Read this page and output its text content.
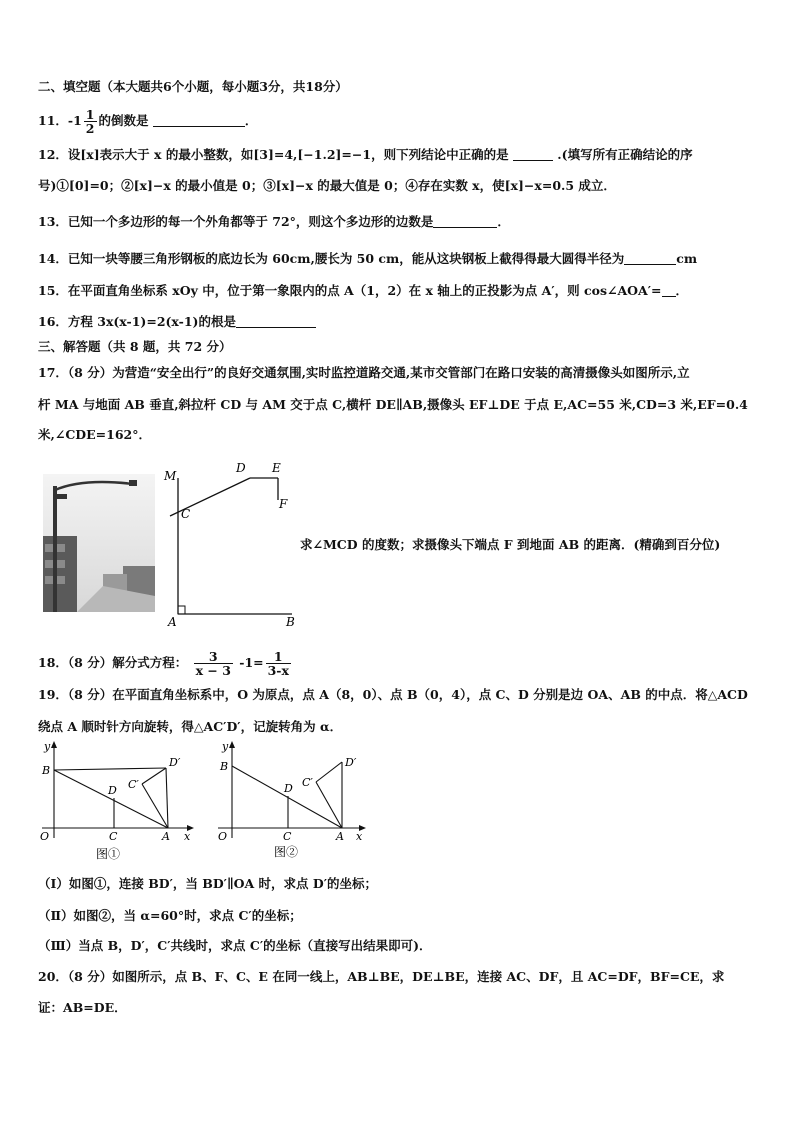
二、填空题（本大题共6个小题，每小题3分，共18分）
11．$-1 \frac{1}{2}$ 的倒数是	．
12．设[x]表示大于 x 的最小整数，如[3]=4,[−1.2]=−1，则下列结论中正确的是	.(填写所有正确结论的序
号)①[0]=0；②[x]−x 的最小值是 0；③[x]−x 的最大值是 0；④存在实数 x，使[x]−x=0.5 成立．
13．已知一个多边形的每一个外角都等于 72°，则这个多边形的边数是	．
14．已知一块等腰三角形钢板的底边长为 60cm,腰长为 50 cm，能从这块钢板上截得得最大圆得半径为	cm
15．在平面直角坐标系 xOy 中，位于第一象限内的点 A（1，2）在 x 轴上的正投影为点 A′，则 cos∠AOA′= ．
16．方程 3x(x-1)=2(x-1)的根是
三、解答题（共 8 题，共 72 分）
17．（8 分）为营造“安全出行”的良好交通氛围,实时监控道路交通,某市交管部门在路口安装的高清摄像头如图所示,立
杆 MA 与地面 AB 垂直,斜拉杆 CD 与 AM 交于点 C,横杆 DE∥AB,摄像头 EF⊥DE 于点 E,AC=55 米,CD=3 米,EF=0.4
米,∠CDE=162°．
M
D E
F
C
A	B
求∠MCD 的度数；求摄像头下端点 F 到地面 AB 的距离．(精确到百分位)
18．（8 分）解分式方程： $\frac{3}{x - 3} -1= \frac{1}{3-x}$
19．（8 分）在平面直角坐标系中，O 为原点，点 A（8，0）、点 B（0，4），点 C、D 分别是边 OA、AB 的中点．将△ACD
绕点 A 顺时针方向旋转，得△AC′D′，记旋转角为 α．
y
B
O	C
D
A x
C′
D′
图①
y
B
O	C
D
A x
C′
D′
图②
（Ⅰ）如图①，连接 BD′，当 BD′∥OA 时，求点 D′的坐标；
（Ⅱ）如图②，当 α=60°时，求点 C′的坐标；
（Ⅲ）当点 B，D′，C′共线时，求点 C′的坐标（直接写出结果即可)．
20．（8 分）如图所示，点 B、F、C、E 在同一线上，AB⊥BE，DE⊥BE，连接 AC、DF，且 AC=DF，BF=CE，求
证：AB=DE．
